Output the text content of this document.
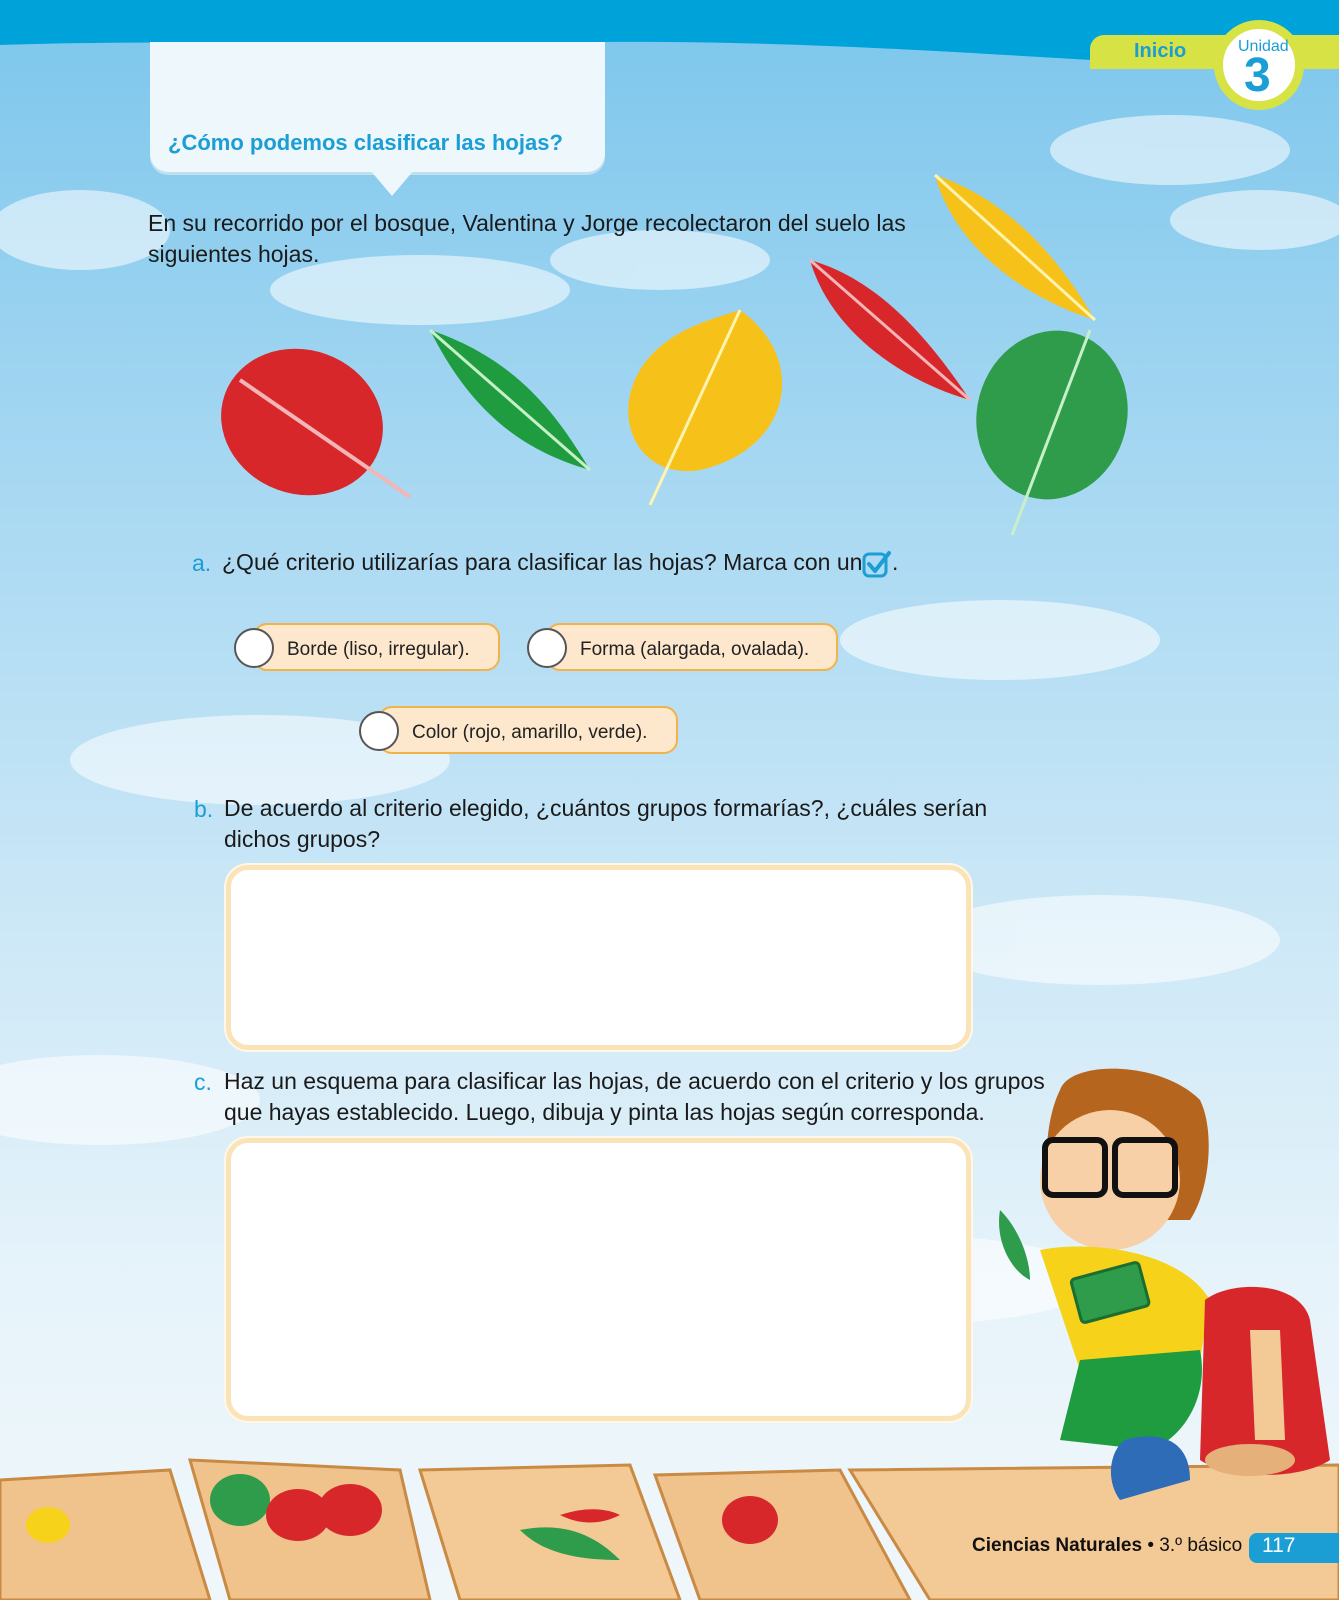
Inicio	Unidad
3
¿Cómo podemos clasificar las hojas?
En su recorrido por el bosque, Valentina y Jorge recolectaron del suelo las siguientes hojas.
a. ¿Qué criterio utilizarías para clasificar las hojas? Marca con un .
Borde (liso, irregular).	Forma (alargada, ovalada).
Color (rojo, amarillo, verde).
b. De acuerdo al criterio elegido, ¿cuántos grupos formarías?, ¿cuáles serían
dichos grupos?
c. Haz un esquema para clasificar las hojas, de acuerdo con el criterio y los grupos
que hayas establecido. Luego, dibuja y pinta las hojas según corresponda.
Ciencias Naturales • 3.º básico 117
